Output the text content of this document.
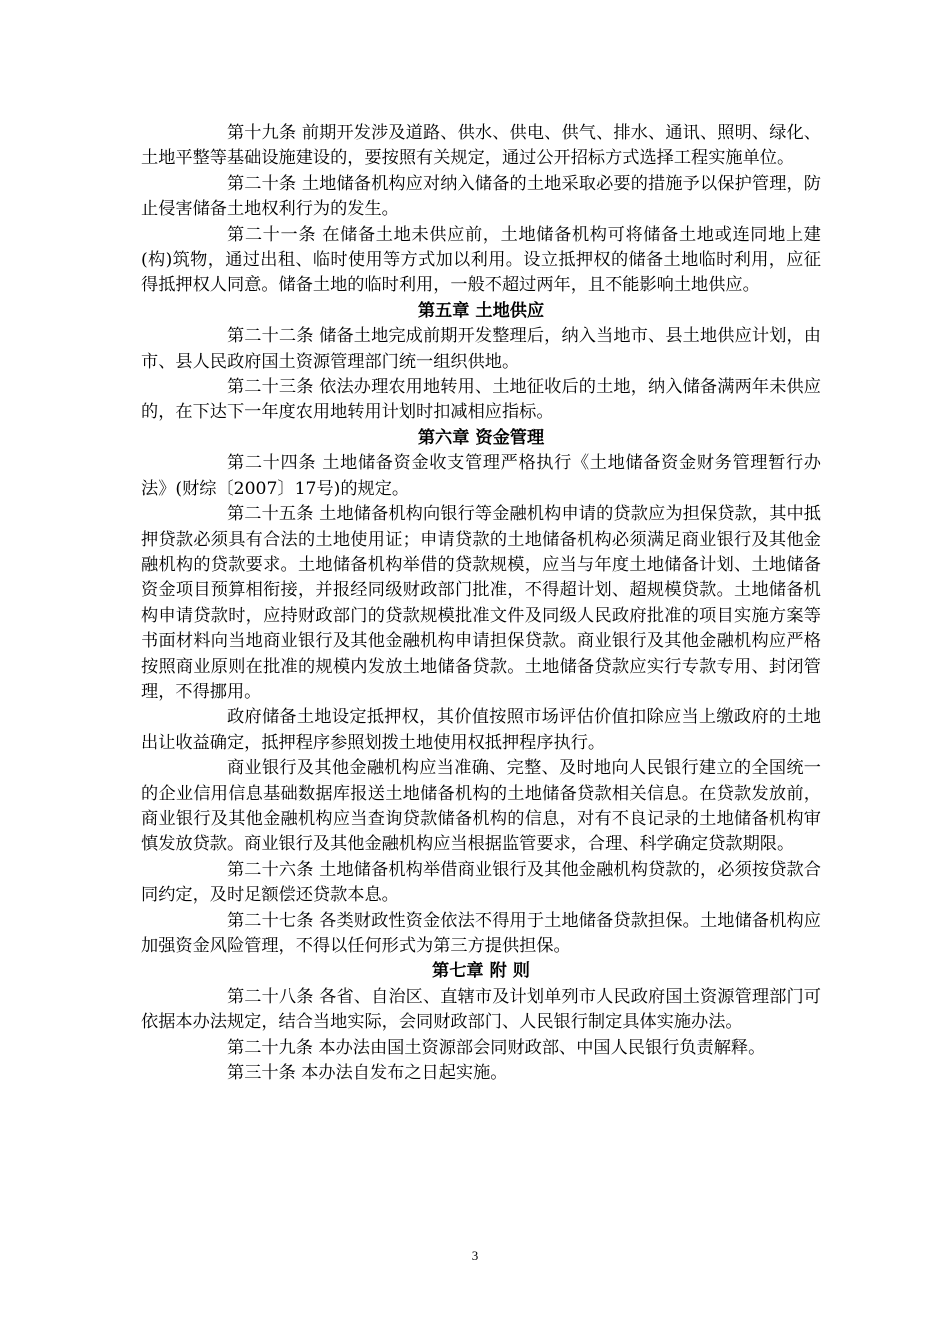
第十九条 前期开发涉及道路、供水、供电、供气、排水、通讯、照明、绿化、土地平整等基础设施建设的，要按照有关规定，通过公开招标方式选择工程实施单位。

第二十条 土地储备机构应对纳入储备的土地采取必要的措施予以保护管理，防止侵害储备土地权利行为的发生。

第二十一条 在储备土地未供应前，土地储备机构可将储备土地或连同地上建(构)筑物，通过出租、临时使用等方式加以利用。设立抵押权的储备土地临时利用，应征得抵押权人同意。储备土地的临时利用，一般不超过两年，且不能影响土地供应。

第五章 土地供应

第二十二条 储备土地完成前期开发整理后，纳入当地市、县土地供应计划，由市、县人民政府国土资源管理部门统一组织供地。

第二十三条 依法办理农用地转用、土地征收后的土地，纳入储备满两年未供应的，在下达下一年度农用地转用计划时扣减相应指标。

第六章 资金管理

第二十四条 土地储备资金收支管理严格执行《土地储备资金财务管理暂行办法》(财综〔2007〕17号)的规定。

第二十五条 土地储备机构向银行等金融机构申请的贷款应为担保贷款，其中抵押贷款必须具有合法的土地使用证；申请贷款的土地储备机构必须满足商业银行及其他金融机构的贷款要求。土地储备机构举借的贷款规模，应当与年度土地储备计划、土地储备资金项目预算相衔接，并报经同级财政部门批准，不得超计划、超规模贷款。土地储备机构申请贷款时，应持财政部门的贷款规模批准文件及同级人民政府批准的项目实施方案等书面材料向当地商业银行及其他金融机构申请担保贷款。商业银行及其他金融机构应严格按照商业原则在批准的规模内发放土地储备贷款。土地储备贷款应实行专款专用、封闭管理，不得挪用。

政府储备土地设定抵押权，其价值按照市场评估价值扣除应当上缴政府的土地出让收益确定，抵押程序参照划拨土地使用权抵押程序执行。

商业银行及其他金融机构应当准确、完整、及时地向人民银行建立的全国统一的企业信用信息基础数据库报送土地储备机构的土地储备贷款相关信息。在贷款发放前，商业银行及其他金融机构应当查询贷款储备机构的信息，对有不良记录的土地储备机构审慎发放贷款。商业银行及其他金融机构应当根据监管要求，合理、科学确定贷款期限。

第二十六条 土地储备机构举借商业银行及其他金融机构贷款的，必须按贷款合同约定，及时足额偿还贷款本息。

第二十七条 各类财政性资金依法不得用于土地储备贷款担保。土地储备机构应加强资金风险管理，不得以任何形式为第三方提供担保。

第七章 附 则

第二十八条 各省、自治区、直辖市及计划单列市人民政府国土资源管理部门可依据本办法规定，结合当地实际，会同财政部门、人民银行制定具体实施办法。

第二十九条 本办法由国土资源部会同财政部、中国人民银行负责解释。

第三十条 本办法自发布之日起实施。

3
